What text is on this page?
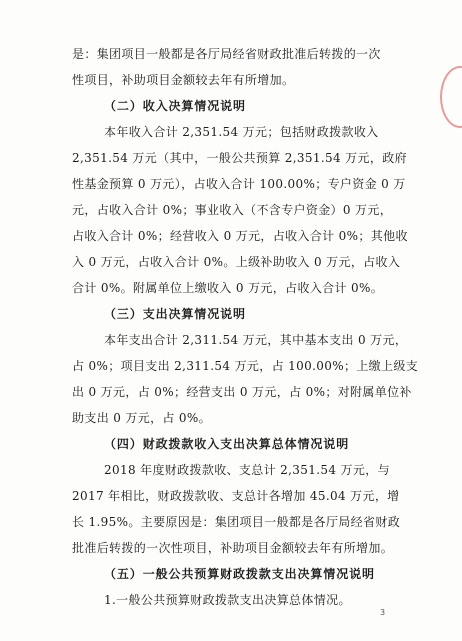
是：集团项目一般都是各厅局经省财政批准后转拨的一次
性项目，补助项目金额较去年有所增加。
（二）收入决算情况说明
本年收入合计 2,351.54 万元；包括财政拨款收入
2,351.54 万元（其中，一般公共预算 2,351.54 万元，政府
性基金预算 0 万元），占收入合计 100.00%；专户资金 0 万
元，占收入合计 0%；事业收入（不含专户资金）0 万元，
占收入合计 0%；经营收入 0 万元，占收入合计 0%；其他收
入 0 万元，占收入合计 0%。上级补助收入 0 万元，占收入
合计 0%。附属单位上缴收入 0 万元，占收入合计 0%。
（三）支出决算情况说明
本年支出合计 2,311.54 万元，其中基本支出 0 万元，
占 0%；项目支出 2,311.54 万元，占 100.00%；上缴上级支
出 0 万元，占 0%；经营支出 0 万元，占 0%；对附属单位补
助支出 0 万元，占 0%。
（四）财政拨款收入支出决算总体情况说明
2018 年度财政拨款收、支总计 2,351.54 万元，与
2017 年相比，财政拨款收、支总计各增加 45.04 万元，增
长 1.95%。主要原因是：集团项目一般都是各厅局经省财政
批准后转拨的一次性项目，补助项目金额较去年有所增加。
（五）一般公共预算财政拨款支出决算情况说明
1.一般公共预算财政拨款支出决算总体情况。
3
